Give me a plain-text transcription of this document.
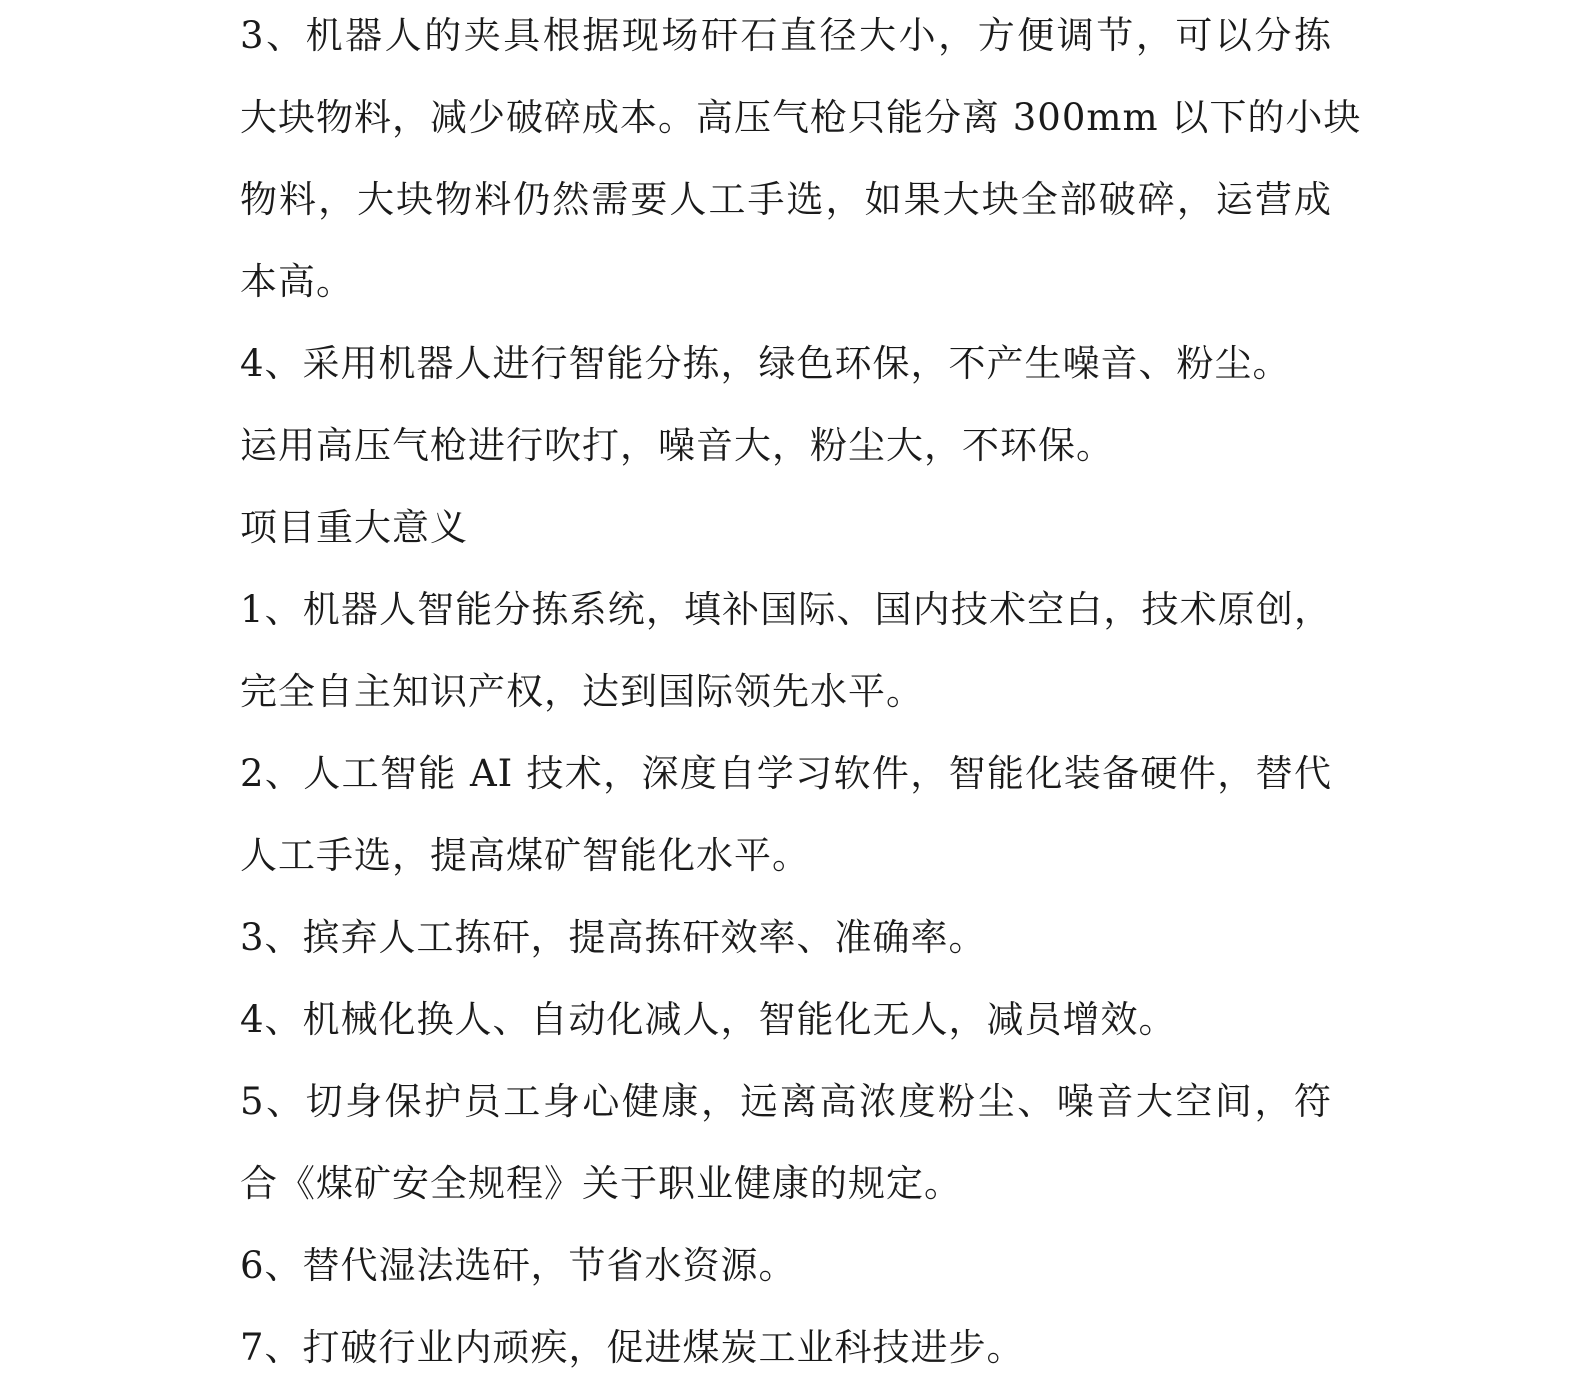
3、机器人的夹具根据现场矸石直径大小，方便调节，可以分拣
大块物料，减少破碎成本。高压气枪只能分离 300mm 以下的小块
物料，大块物料仍然需要人工手选，如果大块全部破碎，运营成
本高。
4、采用机器人进行智能分拣，绿色环保，不产生噪音、粉尘。
运用高压气枪进行吹打，噪音大，粉尘大，不环保。
项目重大意义
1、机器人智能分拣系统，填补国际、国内技术空白，技术原创，
完全自主知识产权，达到国际领先水平。
2、人工智能 AI 技术，深度自学习软件，智能化装备硬件，替代
人工手选，提高煤矿智能化水平。
3、摈弃人工拣矸，提高拣矸效率、准确率。
4、机械化换人、自动化减人，智能化无人，减员增效。
5、切身保护员工身心健康，远离高浓度粉尘、噪音大空间，符
合《煤矿安全规程》关于职业健康的规定。
6、替代湿法选矸，节省水资源。
7、打破行业内顽疾，促进煤炭工业科技进步。
